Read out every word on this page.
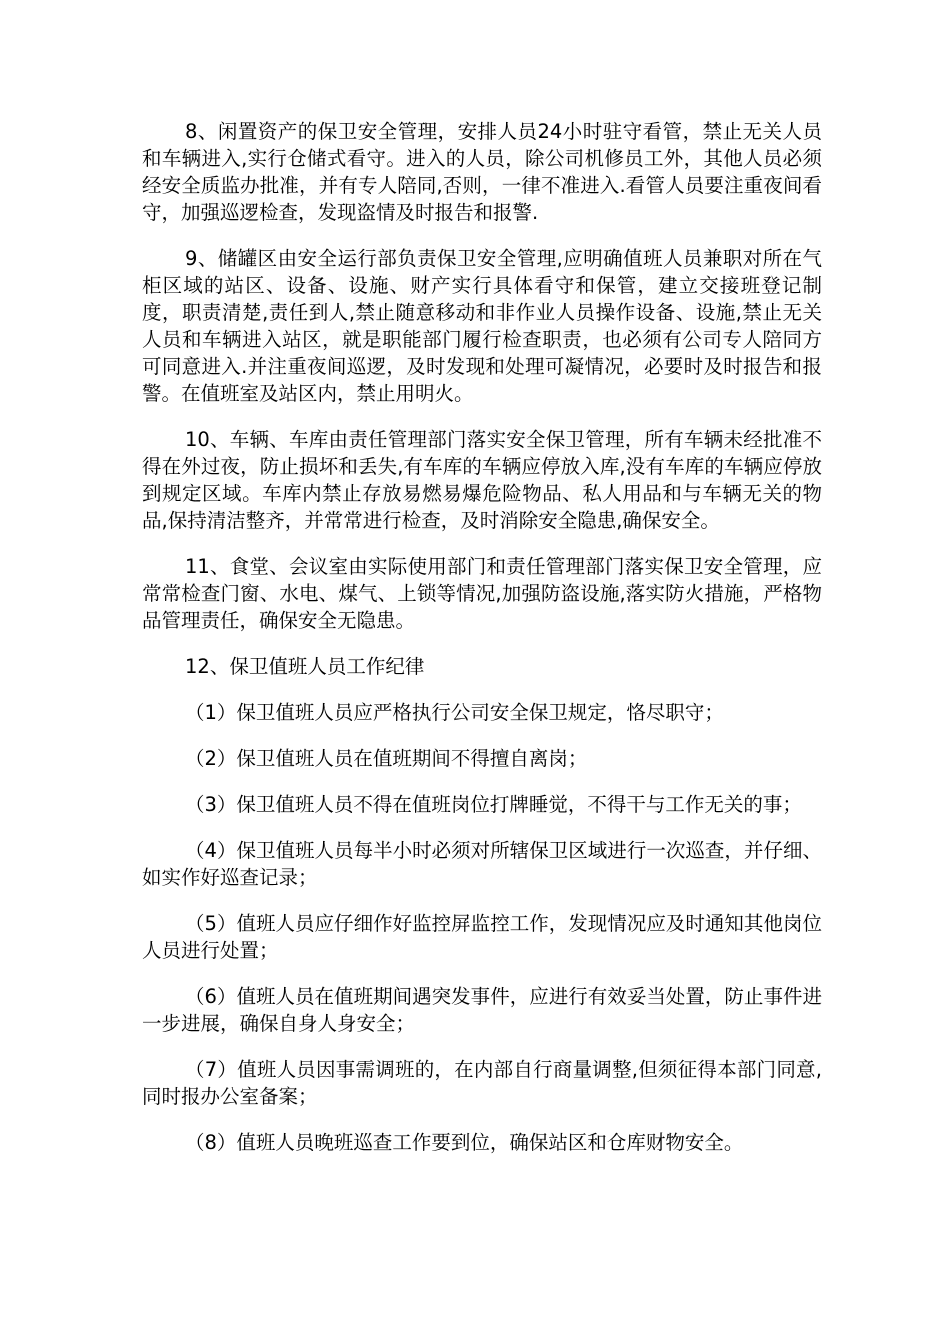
8、闲置资产的保卫安全管理，安排人员24小时驻守看管，禁止无关人员和车辆进入,实行仓储式看守。进入的人员，除公司机修员工外，其他人员必须经安全质监办批准，并有专人陪同,否则，一律不准进入.看管人员要注重夜间看守，加强巡逻检查，发现盗情及时报告和报警.

9、储罐区由安全运行部负责保卫安全管理,应明确值班人员兼职对所在气柜区域的站区、设备、设施、财产实行具体看守和保管，建立交接班登记制度，职责清楚,责任到人,禁止随意移动和非作业人员操作设备、设施,禁止无关人员和车辆进入站区，就是职能部门履行检查职责，也必须有公司专人陪同方可同意进入.并注重夜间巡逻，及时发现和处理可凝情况，必要时及时报告和报警。在值班室及站区内，禁止用明火。

10、车辆、车库由责任管理部门落实安全保卫管理，所有车辆未经批准不得在外过夜，防止损坏和丢失,有车库的车辆应停放入库,没有车库的车辆应停放到规定区域。车库内禁止存放易燃易爆危险物品、私人用品和与车辆无关的物品,保持清洁整齐，并常常进行检查，及时消除安全隐患,确保安全。

11、食堂、会议室由实际使用部门和责任管理部门落实保卫安全管理，应常常检查门窗、水电、煤气、上锁等情况,加强防盗设施,落实防火措施，严格物品管理责任，确保安全无隐患。

12、保卫值班人员工作纪律

（1）保卫值班人员应严格执行公司安全保卫规定，恪尽职守；

（2）保卫值班人员在值班期间不得擅自离岗；

（3）保卫值班人员不得在值班岗位打牌睡觉，不得干与工作无关的事；

（4）保卫值班人员每半小时必须对所辖保卫区域进行一次巡查，并仔细、如实作好巡查记录；

（5）值班人员应仔细作好监控屏监控工作，发现情况应及时通知其他岗位人员进行处置；

（6）值班人员在值班期间遇突发事件，应进行有效妥当处置，防止事件进一步进展，确保自身人身安全；

（7）值班人员因事需调班的，在内部自行商量调整,但须征得本部门同意,同时报办公室备案；

（8）值班人员晚班巡查工作要到位，确保站区和仓库财物安全。
